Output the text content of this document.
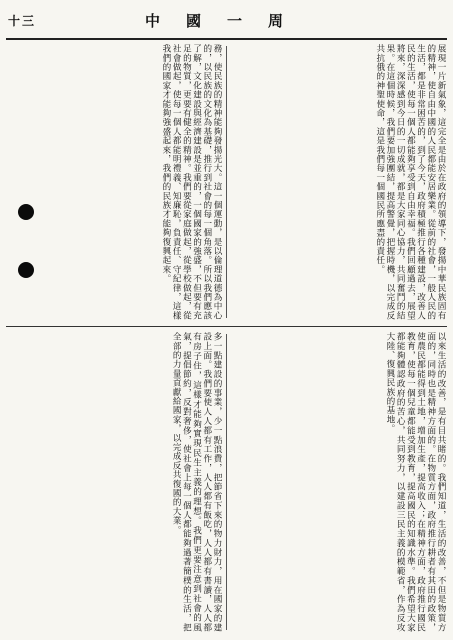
十三	中國一周
展現一片新氣象，這完全是由於在政府的領導下，發揚中華民族固有的精神，使自由中國的人民都能安居樂業。從前的社會，一般人民的生活，都是非常困苦的，到了今天，政府積極推行各種建設，改善人民的生活，使每一個人都能夠享受到自由幸福。我們回顧過去，展望將來，深深感到今日的一切成就，都是大家同心協力，共同奮鬥的結果。在這個時候，我們要加強團結，提高警覺，把握時機，以完成反共抗俄的神聖使命，這是我們每一個國民所應盡的責任。
務，使民族的精神能夠發揚光大。這一個運動，是以倫理道德為中心的，以民族的文化為基礎，推行到社會的每一個角落。所以我們應該了解，文化建設與經濟建設是並重的，一個國家的強盛，不但要有充足的物質，更要有健全的精神。我們要從家庭做起，從學校做起，從社會做起，使每一個人都能明禮義、知廉恥，負責任、守紀律，這樣我們的國家才能夠強盛起來，我們的民族才能夠復興起來。
以來生活的改善，是有目共睹的。我們知道，生活的改善，不但是物質方面的，同時也是精神方面的。在物質方面，政府推行耕者有其田的政策，使農民都能得到土地，增加生產，提高收入；在精神方面，政府推行國民教育，使每一個兒童都能受到教育，提高國民的知識水準。我們希望大家都能夠體認政府的苦心，共同努力，以建設三民主義的模範省，作為反攻大陸、復興民族的基地。
多一點建設的事業，少一點浪費，把節省下來的物力財力，用在國家的建設上面。我們要使人人都有工作，人人都有飯吃，人人都有書讀，人人都有房子住，這樣才能夠實現民生主義的理想。我們更要注意到社會的風氣，提倡節約，反對奢侈，使社會上每一個人都能夠過著簡樸的生活，把全部的力量貢獻給國家，以完成反共復國的大業。
